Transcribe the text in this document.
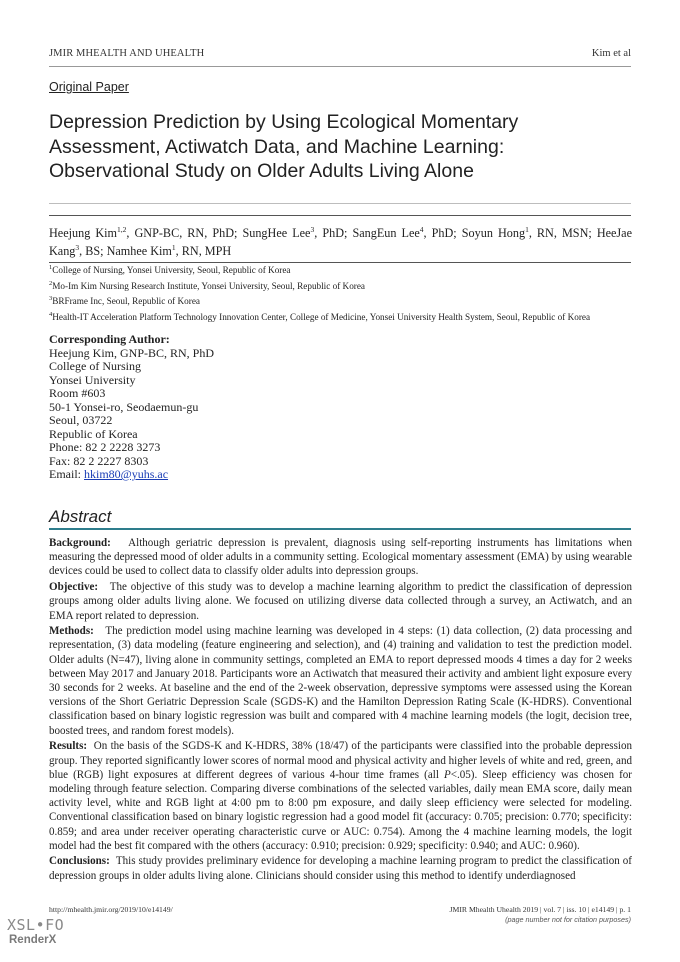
JMIR MHEALTH AND UHEALTH	Kim et al
Original Paper
Depression Prediction by Using Ecological Momentary Assessment, Actiwatch Data, and Machine Learning: Observational Study on Older Adults Living Alone

Heejung Kim$^{1,2}$, GNP-BC, RN, PhD; SungHee Lee$^3$, PhD; SangEun Lee$^4$, PhD; Soyun Hong$^1$, RN, MSN; HeeJae Kang$^3$, BS; Namhee Kim$^1$, RN, MPH

$^1$College of Nursing, Yonsei University, Seoul, Republic of Korea
$^2$Mo-Im Kim Nursing Research Institute, Yonsei University, Seoul, Republic of Korea
$^3$BRFrame Inc, Seoul, Republic of Korea
$^4$Health-IT Acceleration Platform Technology Innovation Center, College of Medicine, Yonsei University Health System, Seoul, Republic of Korea
Corresponding Author:
Heejung Kim, GNP-BC, RN, PhD
College of Nursing
Yonsei University
Room #603
50-1 Yonsei-ro, Seodaemun-gu
Seoul, 03722
Republic of Korea
Phone: 82 2 2228 3273
Fax: 82 2 2227 8303
Email: hkim80@yuhs.ac
Abstract

Background: Although geriatric depression is prevalent, diagnosis using self-reporting instruments has limitations when measuring the depressed mood of older adults in a community setting. Ecological momentary assessment (EMA) by using wearable devices could be used to collect data to classify older adults into depression groups.

Objective: The objective of this study was to develop a machine learning algorithm to predict the classification of depression groups among older adults living alone. We focused on utilizing diverse data collected through a survey, an Actiwatch, and an EMA report related to depression.

Methods: The prediction model using machine learning was developed in 4 steps: (1) data collection, (2) data processing and representation, (3) data modeling (feature engineering and selection), and (4) training and validation to test the prediction model. Older adults (N=47), living alone in community settings, completed an EMA to report depressed moods 4 times a day for 2 weeks between May 2017 and January 2018. Participants wore an Actiwatch that measured their activity and ambient light exposure every 30 seconds for 2 weeks. At baseline and the end of the 2-week observation, depressive symptoms were assessed using the Korean versions of the Short Geriatric Depression Scale (SGDS-K) and the Hamilton Depression Rating Scale (K-HDRS). Conventional classification based on binary logistic regression was built and compared with 4 machine learning models (the logit, decision tree, boosted trees, and random forest models).

Results: On the basis of the SGDS-K and K-HDRS, 38% (18/47) of the participants were classified into the probable depression group. They reported significantly lower scores of normal mood and physical activity and higher levels of white and red, green, and blue (RGB) light exposures at different degrees of various 4-hour time frames (all P<.05). Sleep efficiency was chosen for modeling through feature selection. Comparing diverse combinations of the selected variables, daily mean EMA score, daily mean activity level, white and RGB light at 4:00 pm to 8:00 pm exposure, and daily sleep efficiency were selected for modeling. Conventional classification based on binary logistic regression had a good model fit (accuracy: 0.705; precision: 0.770; specificity: 0.859; and area under receiver operating characteristic curve or AUC: 0.754). Among the 4 machine learning models, the logit model had the best fit compared with the others (accuracy: 0.910; precision: 0.929; specificity: 0.940; and AUC: 0.960).

Conclusions: This study provides preliminary evidence for developing a machine learning program to predict the classification of depression groups in older adults living alone. Clinicians should consider using this method to identify underdiagnosed

http://mhealth.jmir.org/2019/10/e14149/	JMIR Mhealth Uhealth 2019 | vol. 7 | iss. 10 | e14149 | p. 1
(page number not for citation purposes)
XSL•FO
RenderX
